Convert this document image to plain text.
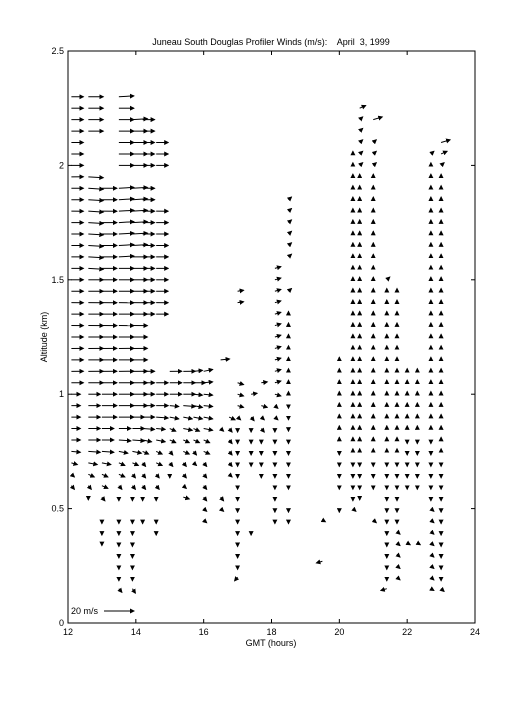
Juneau South Douglas Profiler Winds (m/s):    April  3, 1999
12	14	16	18	20	22	24
0
0.5
1
1.5
2
2.5
GMT (hours)
Altitude (km)
20 m/s
